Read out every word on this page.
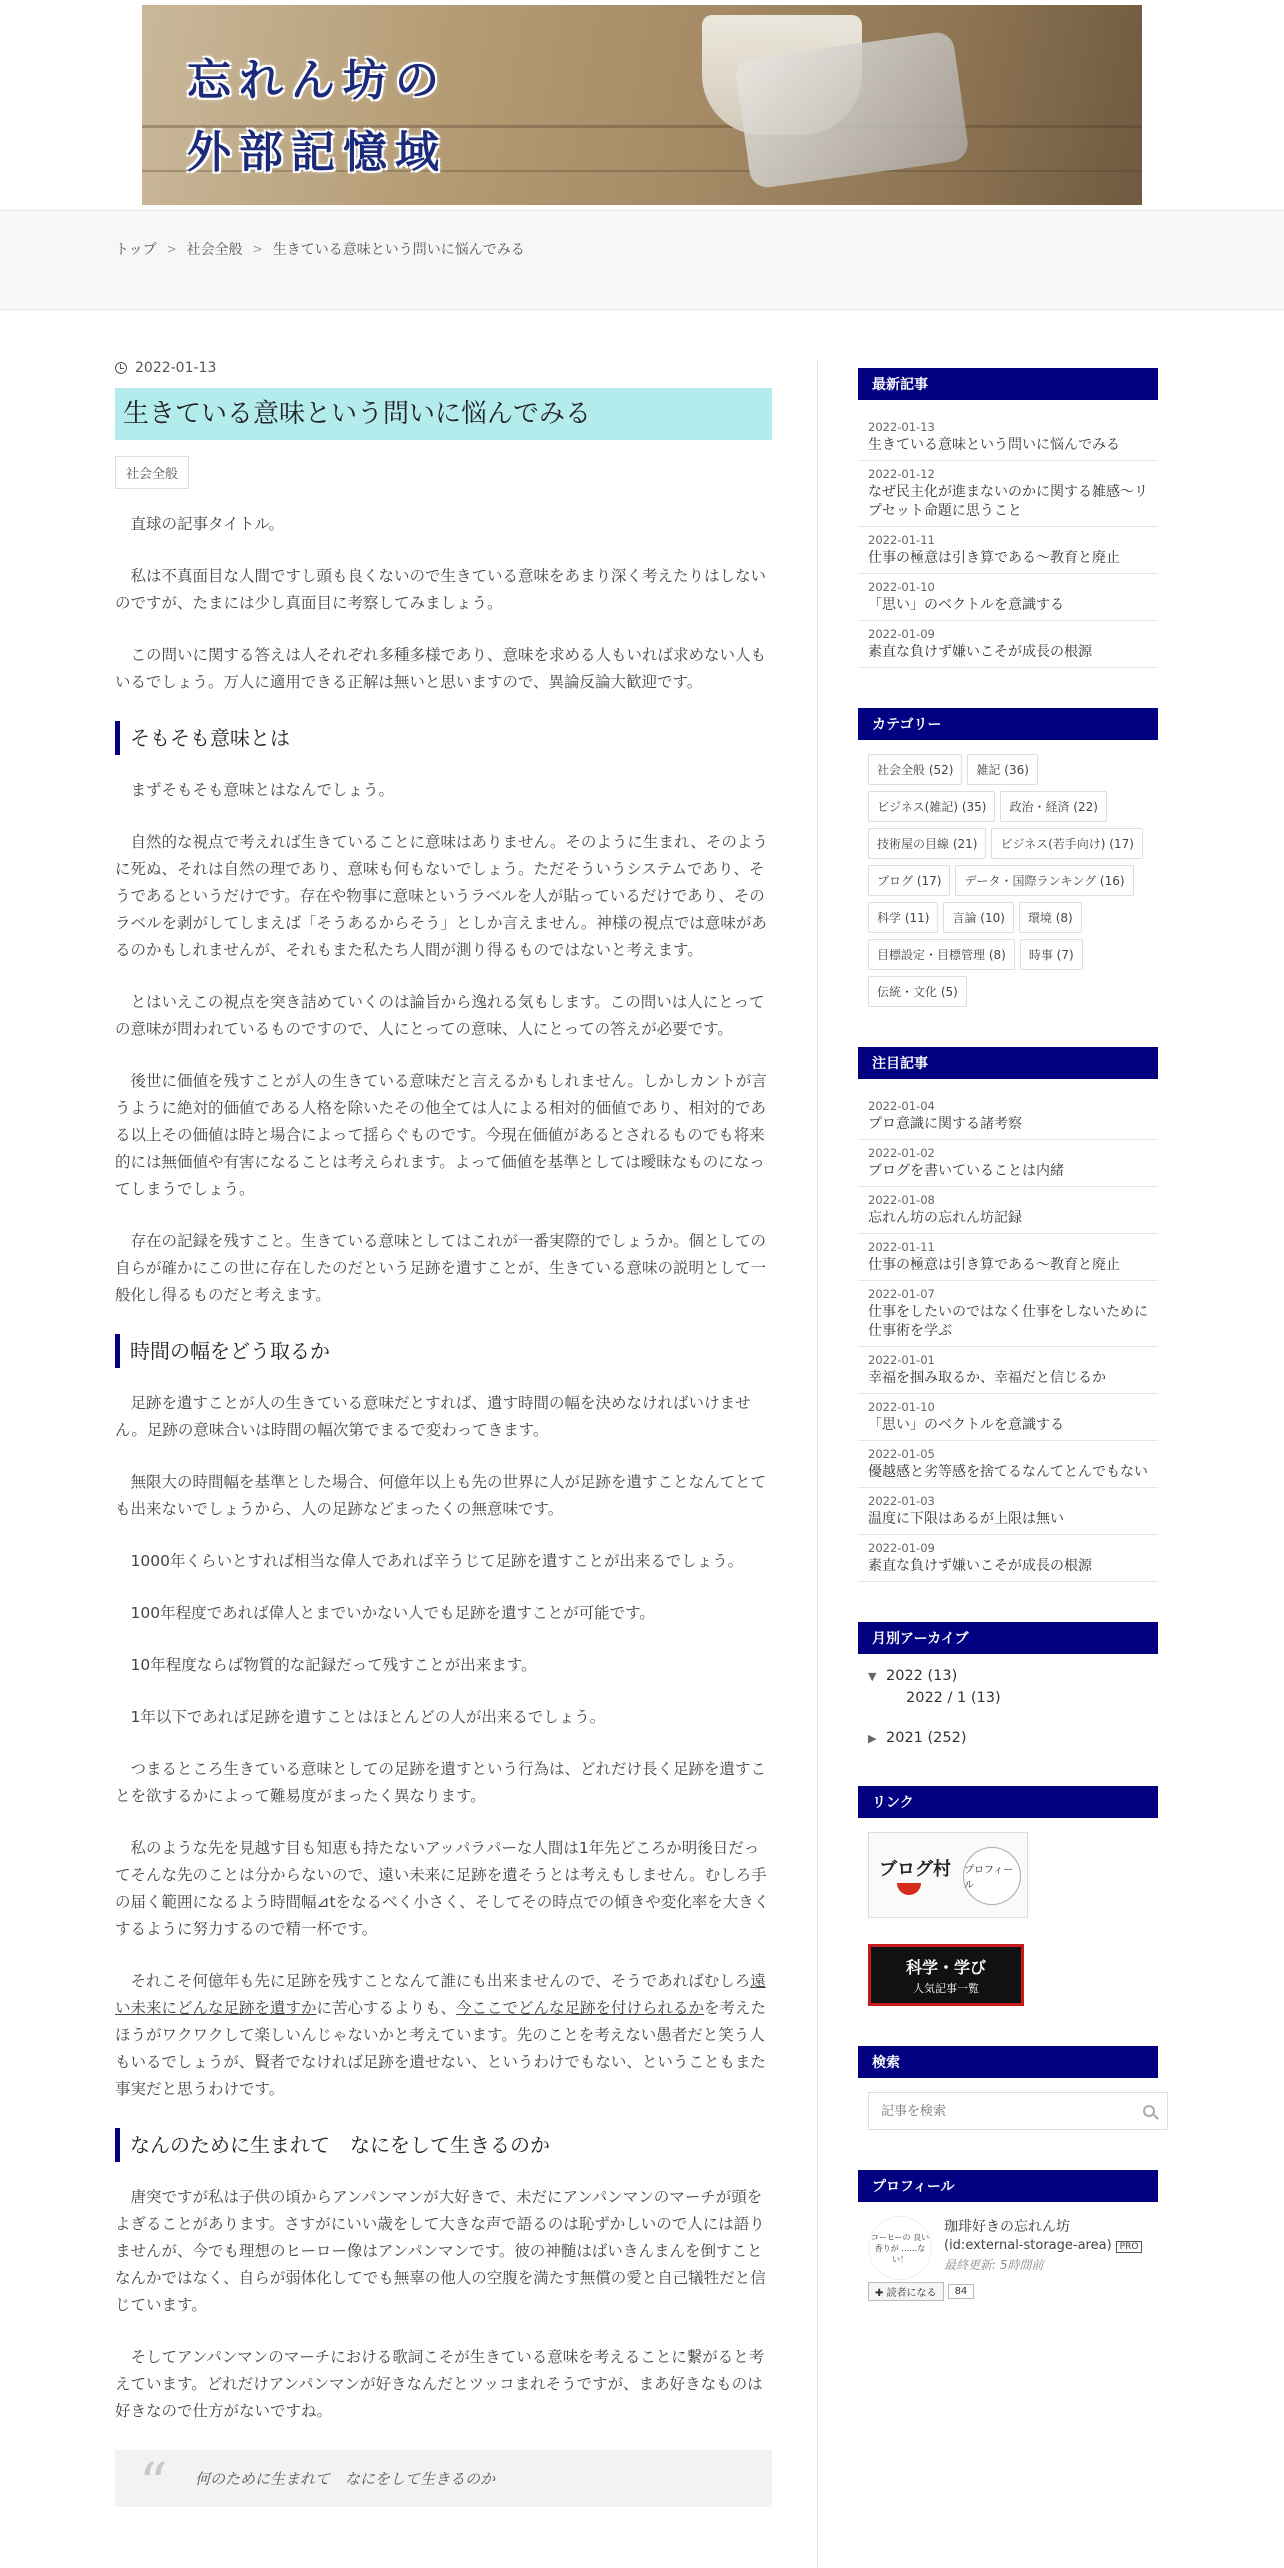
忘れん坊の
外部記憶域
トップ > 社会全般 > 生きている意味という問いに悩んでみる
2022-01-13
生きている意味という問いに悩んでみる
社会全般

直球の記事タイトル。

私は不真面目な人間ですし頭も良くないので生きている意味をあまり深く考えたりはしないのですが、たまには少し真面目に考察してみましょう。

この問いに関する答えは人それぞれ多種多様であり、意味を求める人もいれば求めない人もいるでしょう。万人に適用できる正解は無いと思いますので、異論反論大歓迎です。

そもそも意味とは

まずそもそも意味とはなんでしょう。

自然的な視点で考えれば生きていることに意味はありません。そのように生まれ、そのように死ぬ、それは自然の理であり、意味も何もないでしょう。ただそういうシステムであり、そうであるというだけです。存在や物事に意味というラベルを人が貼っているだけであり、そのラベルを剥がしてしまえば「そうあるからそう」としか言えません。神様の視点では意味があるのかもしれませんが、それもまた私たち人間が測り得るものではないと考えます。

とはいえこの視点を突き詰めていくのは論旨から逸れる気もします。この問いは人にとっての意味が問われているものですので、人にとっての意味、人にとっての答えが必要です。

後世に価値を残すことが人の生きている意味だと言えるかもしれません。しかしカントが言うように絶対的価値である人格を除いたその他全ては人による相対的価値であり、相対的である以上その価値は時と場合によって揺らぐものです。今現在価値があるとされるものでも将来的には無価値や有害になることは考えられます。よって価値を基準としては曖昧なものになってしまうでしょう。

存在の記録を残すこと。生きている意味としてはこれが一番実際的でしょうか。個としての自らが確かにこの世に存在したのだという足跡を遺すことが、生きている意味の説明として一般化し得るものだと考えます。

時間の幅をどう取るか

足跡を遺すことが人の生きている意味だとすれば、遺す時間の幅を決めなければいけません。足跡の意味合いは時間の幅次第でまるで変わってきます。

無限大の時間幅を基準とした場合、何億年以上も先の世界に人が足跡を遺すことなんてとても出来ないでしょうから、人の足跡などまったくの無意味です。

1000年くらいとすれば相当な偉人であれば辛うじて足跡を遺すことが出来るでしょう。

100年程度であれば偉人とまでいかない人でも足跡を遺すことが可能です。

10年程度ならば物質的な記録だって残すことが出来ます。

1年以下であれば足跡を遺すことはほとんどの人が出来るでしょう。

つまるところ生きている意味としての足跡を遺すという行為は、どれだけ長く足跡を遺すことを欲するかによって難易度がまったく異なります。

私のような先を見越す目も知恵も持たないアッパラパーな人間は1年先どころか明後日だってそんな先のことは分からないので、遠い未来に足跡を遺そうとは考えもしません。むしろ手の届く範囲になるよう時間幅⊿tをなるべく小さく、そしてその時点での傾きや変化率を大きくするように努力するので精一杯です。

それこそ何億年も先に足跡を残すことなんて誰にも出来ませんので、そうであればむしろ遠い未来にどんな足跡を遺すかに苦心するよりも、今ここでどんな足跡を付けられるかを考えたほうがワクワクして楽しいんじゃないかと考えています。先のことを考えない愚者だと笑う人もいるでしょうが、賢者でなければ足跡を遺せない、というわけでもない、ということもまた事実だと思うわけです。

なんのために生まれて　なにをして生きるのか

唐突ですが私は子供の頃からアンパンマンが大好きで、未だにアンパンマンのマーチが頭をよぎることがあります。さすがにいい歳をして大きな声で語るのは恥ずかしいので人には語りませんが、今でも理想のヒーロー像はアンパンマンです。彼の神髄はばいきんまんを倒すことなんかではなく、自らが弱体化してでも無辜の他人の空腹を満たす無償の愛と自己犠牲だと信じています。

そしてアンパンマンのマーチにおける歌詞こそが生きている意味を考えることに繋がると考えています。どれだけアンパンマンが好きなんだとツッコまれそうですが、まあ好きなものは好きなので仕方がないですね。

“ 何のために生まれて　なにをして生きるのか
最新記事
2022-01-13
生きている意味という問いに悩んでみる
2022-01-12
なぜ民主化が進まないのかに関する雑感〜リプセット命題に思うこと
2022-01-11
仕事の極意は引き算である～教育と廃止
2022-01-10
「思い」のベクトルを意識する
2022-01-09
素直な負けず嫌いこそが成長の根源
カテゴリー
社会全般 (52)	雑記 (36)
ビジネス(雑記) (35)	政治・経済 (22)
技術屋の目線 (21)	ビジネス(若手向け) (17)
ブログ (17)	データ・国際ランキング (16)
科学 (11)	言論 (10)	環境 (8)
目標設定・目標管理 (8)	時事 (7)
伝統・文化 (5)
注目記事
2022-01-04
プロ意識に関する諸考察
2022-01-02
ブログを書いていることは内緒
2022-01-08
忘れん坊の忘れん坊記録
2022-01-11
仕事の極意は引き算である～教育と廃止
2022-01-07
仕事をしたいのではなく仕事をしないために仕事術を学ぶ
2022-01-01
幸福を掴み取るか、幸福だと信じるか
2022-01-10
「思い」のベクトルを意識する
2022-01-05
優越感と劣等感を捨てるなんてとんでもない
2022-01-03
温度に下限はあるが上限は無い
2022-01-09
素直な負けず嫌いこそが成長の根源
月別アーカイブ
▼ 2022 (13)
2022 / 1 (13)
▶ 2021 (252)
リンク
ブログ村 プロフィール
科学・学び
人気記事一覧
検索
記事を検索
プロフィール
コーヒーの 良い香りが ……ない！
珈琲好きの忘れん坊
(id:external-storage-area) PRO
最終更新: 5時間前
✚ 読者になる	84
